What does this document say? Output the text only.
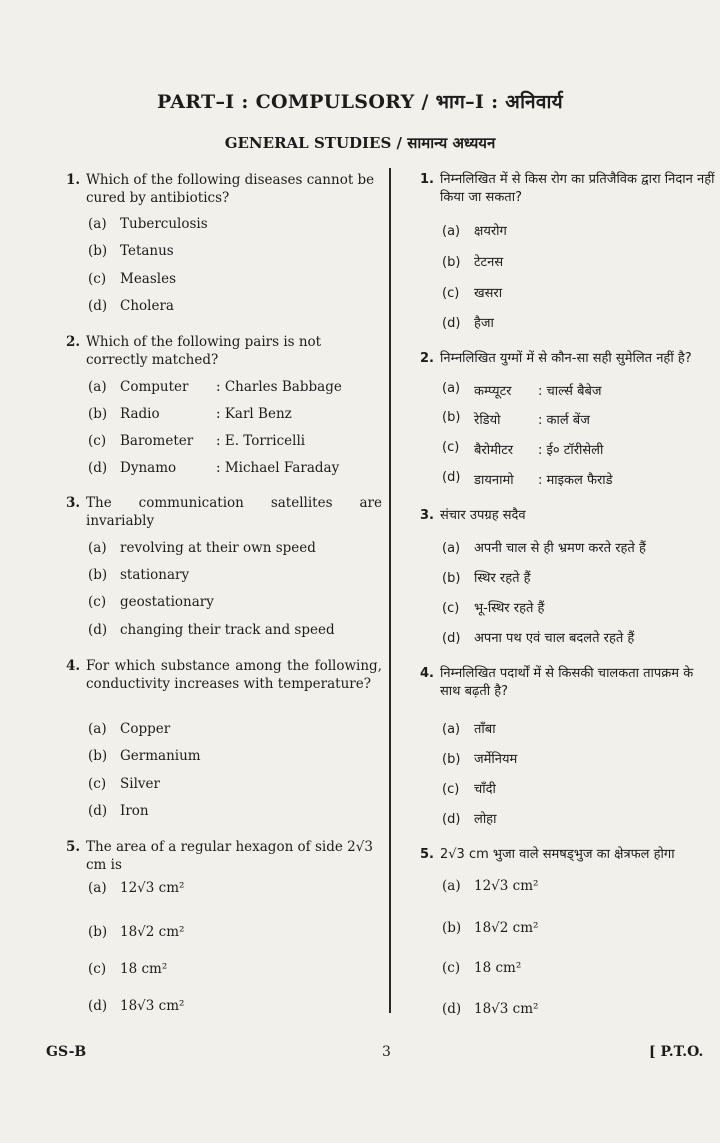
PART–I : COMPULSORY / भाग–I : अनिवार्य
GENERAL STUDIES / सामान्य अध्ययन
1. Which of the following diseases cannot be cured by antibiotics?
(a) Tuberculosis
(b) Tetanus
(c) Measles
(d) Cholera
2. Which of the following pairs is not correctly matched?
(a) Computer : Charles Babbage
(b) Radio	: Karl Benz
(c) Barometer : E. Torricelli
(d) Dynamo	: Michael Faraday
3. The communication satellites are invariably
(a) revolving at their own speed
(b) stationary
(c) geostationary
(d) changing their track and speed
4. For which substance among the following, conductivity increases with temperature?
(a) Copper
(b) Germanium
(c) Silver
(d) Iron
5. The area of a regular hexagon of side 2√3 cm is
(a) 12√3 cm²
(b) 18√2 cm²
(c) 18 cm²
(d) 18√3 cm²
1. निम्नलिखित में से किस रोग का प्रतिजैविक द्वारा निदान नहीं किया जा सकता?
(a) क्षयरोग
(b) टेटनस
(c) खसरा
(d) हैजा
2. निम्नलिखित युग्मों में से कौन-सा सही सुमेलित नहीं है?
(a) कम्प्यूटर : चार्ल्स बैबेज
(b) रेडियो	: कार्ल बेंज
(c) बैरोमीटर : ई० टॉरीसेली
(d) डायनामो : माइकल फैराडे
3. संचार उपग्रह सदैव
(a) अपनी चाल से ही भ्रमण करते रहते हैं
(b) स्थिर रहते हैं
(c) भू-स्थिर रहते हैं
(d) अपना पथ एवं चाल बदलते रहते हैं
4. निम्नलिखित पदार्थों में से किसकी चालकता तापक्रम के साथ बढ़ती है?
(a) ताँबा
(b) जर्मेनियम
(c) चाँदी
(d) लोहा
5. 2√3 cm भुजा वाले समषड्भुज का क्षेत्रफल होगा
(a) 12√3 cm²
(b) 18√2 cm²
(c) 18 cm²
(d) 18√3 cm²
GS-B	3	[ P.T.O.
